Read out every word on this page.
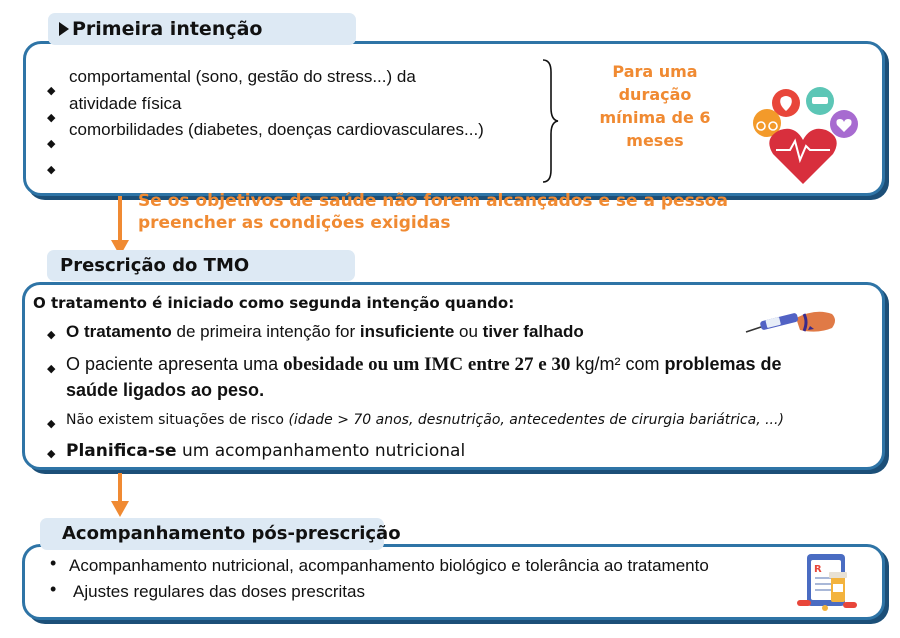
Primeira intenção
◆
◆
◆
◆
comportamental (sono, gestão do stress...) da
atividade física
comorbilidades (diabetes, doenças cardiovasculares...)
Para uma
duração
mínima de 6
meses
Se os objetivos de saúde não forem alcançados e se a pessoa
preencher as condições exigidas
Prescrição do TMO
O tratamento é iniciado como segunda intenção quando:
◆ O tratamento de primeira intenção for insuficiente ou tiver falhado
◆ O paciente apresenta uma obesidade ou um IMC entre 27 e 30 kg/m² com problemas de
saúde ligados ao peso.
◆ Não existem situações de risco (idade > 70 anos, desnutrição, antecedentes de cirurgia bariátrica, ...)
◆ Planifica-se um acompanhamento nutricional
Acompanhamento pós-prescrição
• Acompanhamento nutricional, acompanhamento biológico e tolerância ao tratamento
• Ajustes regulares das doses prescritas
R
